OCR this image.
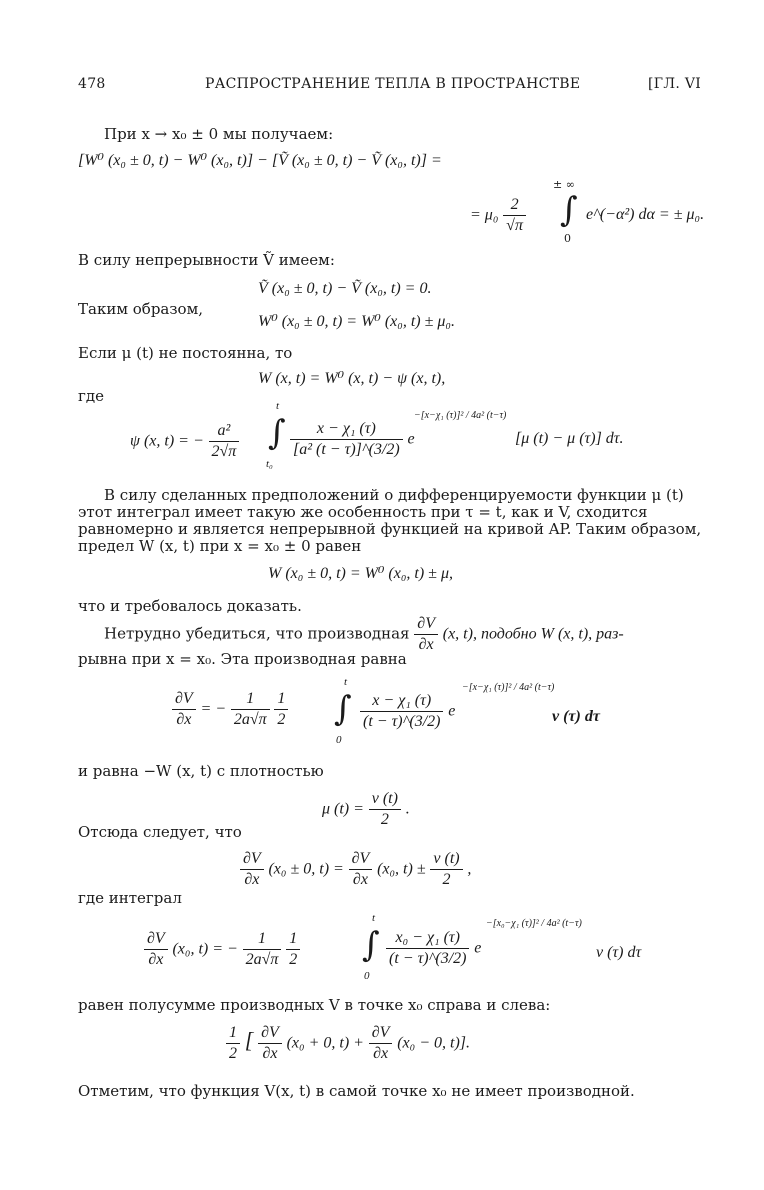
478	РАСПРОСТРАНЕНИЕ ТЕПЛА В ПРОСТРАНСТВЕ	[ГЛ. VI
При x → x₀ ± 0 мы получаем:
[W⁰ (x₀ ± 0, t) − W⁰ (x₀, t)] − [Ṽ (x₀ ± 0, t) − Ṽ (x₀, t)] =
= $\mu_0 \frac{2}{√\pi}$
± ∞
∫
0
e^(−α²) dα = ± μ₀.
В силу непрерывности Ṽ имеем:
Ṽ (x₀ ± 0, t) − Ṽ (x₀, t) = 0.
Таким образом,
W⁰ (x₀ ± 0, t) = W⁰ (x₀, t) ± μ₀.
Если μ (t) не постоянна, то
W (x, t) = W⁰ (x, t) − ψ (x, t),
где
ψ (x, t) = − $\frac{\text{a²}}{2√\pi}$
t
∫
t₀
$\frac{\text{x − χ₁ (τ)}}{\text{[a² (t − τ)]\textasciicircum{}(3/2)}}$ e
−[x−χ₁ (τ)]² / 4a² (t−τ)
[μ (t) − μ (τ)] dτ.
В силу сделанных предположений о дифференцируемости функции μ (t)
этот интеграл имеет такую же особенность при τ = t, как и V, сходится
равномерно и является непрерывной функцией на кривой AP. Таким образом,
предел W (x, t) при x = x₀ ± 0 равен
W (x₀ ± 0, t) = W⁰ (x₀, t) ± μ,
что и требовалось доказать.
Нетрудно убедиться, что производная $\frac{\partial V}{\partial x} (x$, t), подобно W (x, t), раз-
рывна при x = x₀. Эта производная равна
$\frac{\partial V}{\partial x}$ = − $\frac{1}{2a√\pi}$
$\frac{1}{2}$
t
∫
0
$\frac{\text{x − χ₁ (τ)}}{(t - \tau)\^{}(3/2)}$ e
−[x−χ₁ (τ)]² / 4a² (t−τ)
ν (τ) dτ
и равна −W (x, t) с плотностью
μ $(t) = \frac{\nu (t)}{2}$ .
Отсюда следует, что
$\frac{\partial V}{\partial x} (x_0 \pm 0$, $t) = \frac{\partial V}{\partial x} (x_0$, $t) \pm \frac{\nu (t)}{2}$ ,
где интеграл
$\frac{\partial V}{\partial x} (x_0$, t) = − $\frac{1}{2a√\pi}$
$\frac{1}{2}$
t
∫
0
$\frac{\text{x₀ − χ₁ (τ)}}{(t - \tau)\^{}(3/2)}$ e
−[x₀−χ₁ (τ)]² / 4a² (t−τ)
ν (τ) dτ
равен полусумме производных V в точке x₀ справа и слева:
$\frac{1}{2}$ [ $\frac{\partial V}{\partial x} (x_0 + 0$, $t) + \frac{\partial V}{\partial x} (x_0 - 0$, t)].
Отметим, что функция V(x, t) в самой точке x₀ не имеет производной.
